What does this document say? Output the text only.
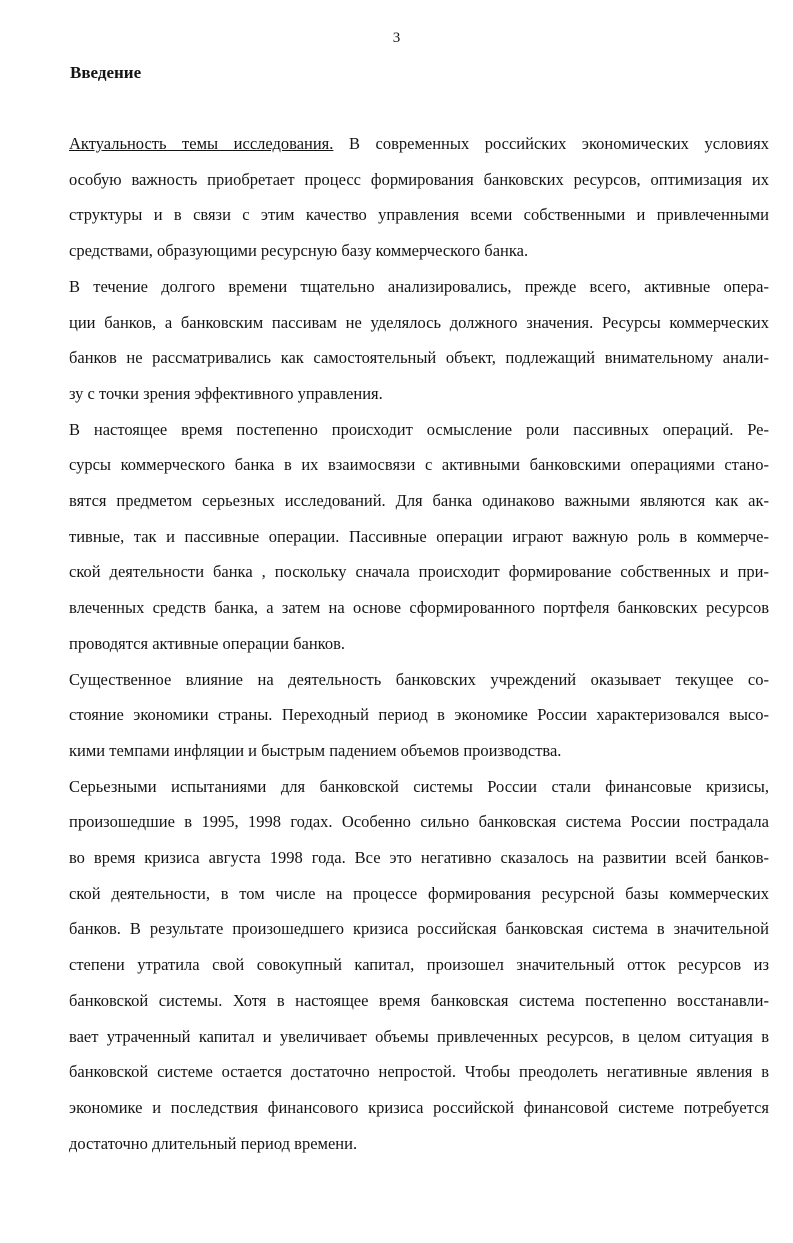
3
Введение
Актуальность темы исследования. В современных российских экономических условиях
особую важность приобретает процесс формирования банковских ресурсов, оптимизация их
структуры и в связи с этим качество управления всеми собственными и привлеченными
средствами, образующими ресурсную базу коммерческого банка.
В течение долгого времени тщательно анализировались, прежде всего, активные опера-
ции банков, а банковским пассивам не уделялось должного значения. Ресурсы коммерческих
банков не рассматривались как самостоятельный объект, подлежащий внимательному анали-
зу с точки зрения эффективного управления.
В настоящее время постепенно происходит осмысление роли пассивных операций. Ре-
сурсы коммерческого банка в их взаимосвязи с активными банковскими операциями стано-
вятся предметом серьезных исследований. Для банка одинаково важными являются как ак-
тивные, так и пассивные операции. Пассивные операции играют важную роль в коммерче-
ской деятельности банка , поскольку сначала происходит формирование собственных и при-
влеченных средств банка, а затем на основе сформированного портфеля банковских ресурсов
проводятся активные операции банков.
Существенное влияние на деятельность банковских учреждений оказывает текущее со-
стояние экономики страны. Переходный период в экономике России характеризовался высо-
кими темпами инфляции и быстрым падением объемов производства.
Серьезными испытаниями для банковской системы России стали финансовые кризисы,
произошедшие в 1995, 1998 годах. Особенно сильно банковская система России пострадала
во время кризиса августа 1998 года. Все это негативно сказалось на развитии всей банков-
ской деятельности, в том числе на процессе формирования ресурсной базы коммерческих
банков. В результате произошедшего кризиса российская банковская система в значительной
степени утратила свой совокупный капитал, произошел значительный отток ресурсов из
банковской системы. Хотя в настоящее время банковская система постепенно восстанавли-
вает утраченный капитал и увеличивает объемы привлеченных ресурсов, в целом ситуация в
банковской системе остается достаточно непростой. Чтобы преодолеть негативные явления в
экономике и последствия финансового кризиса российской финансовой системе потребуется
достаточно длительный период времени.
